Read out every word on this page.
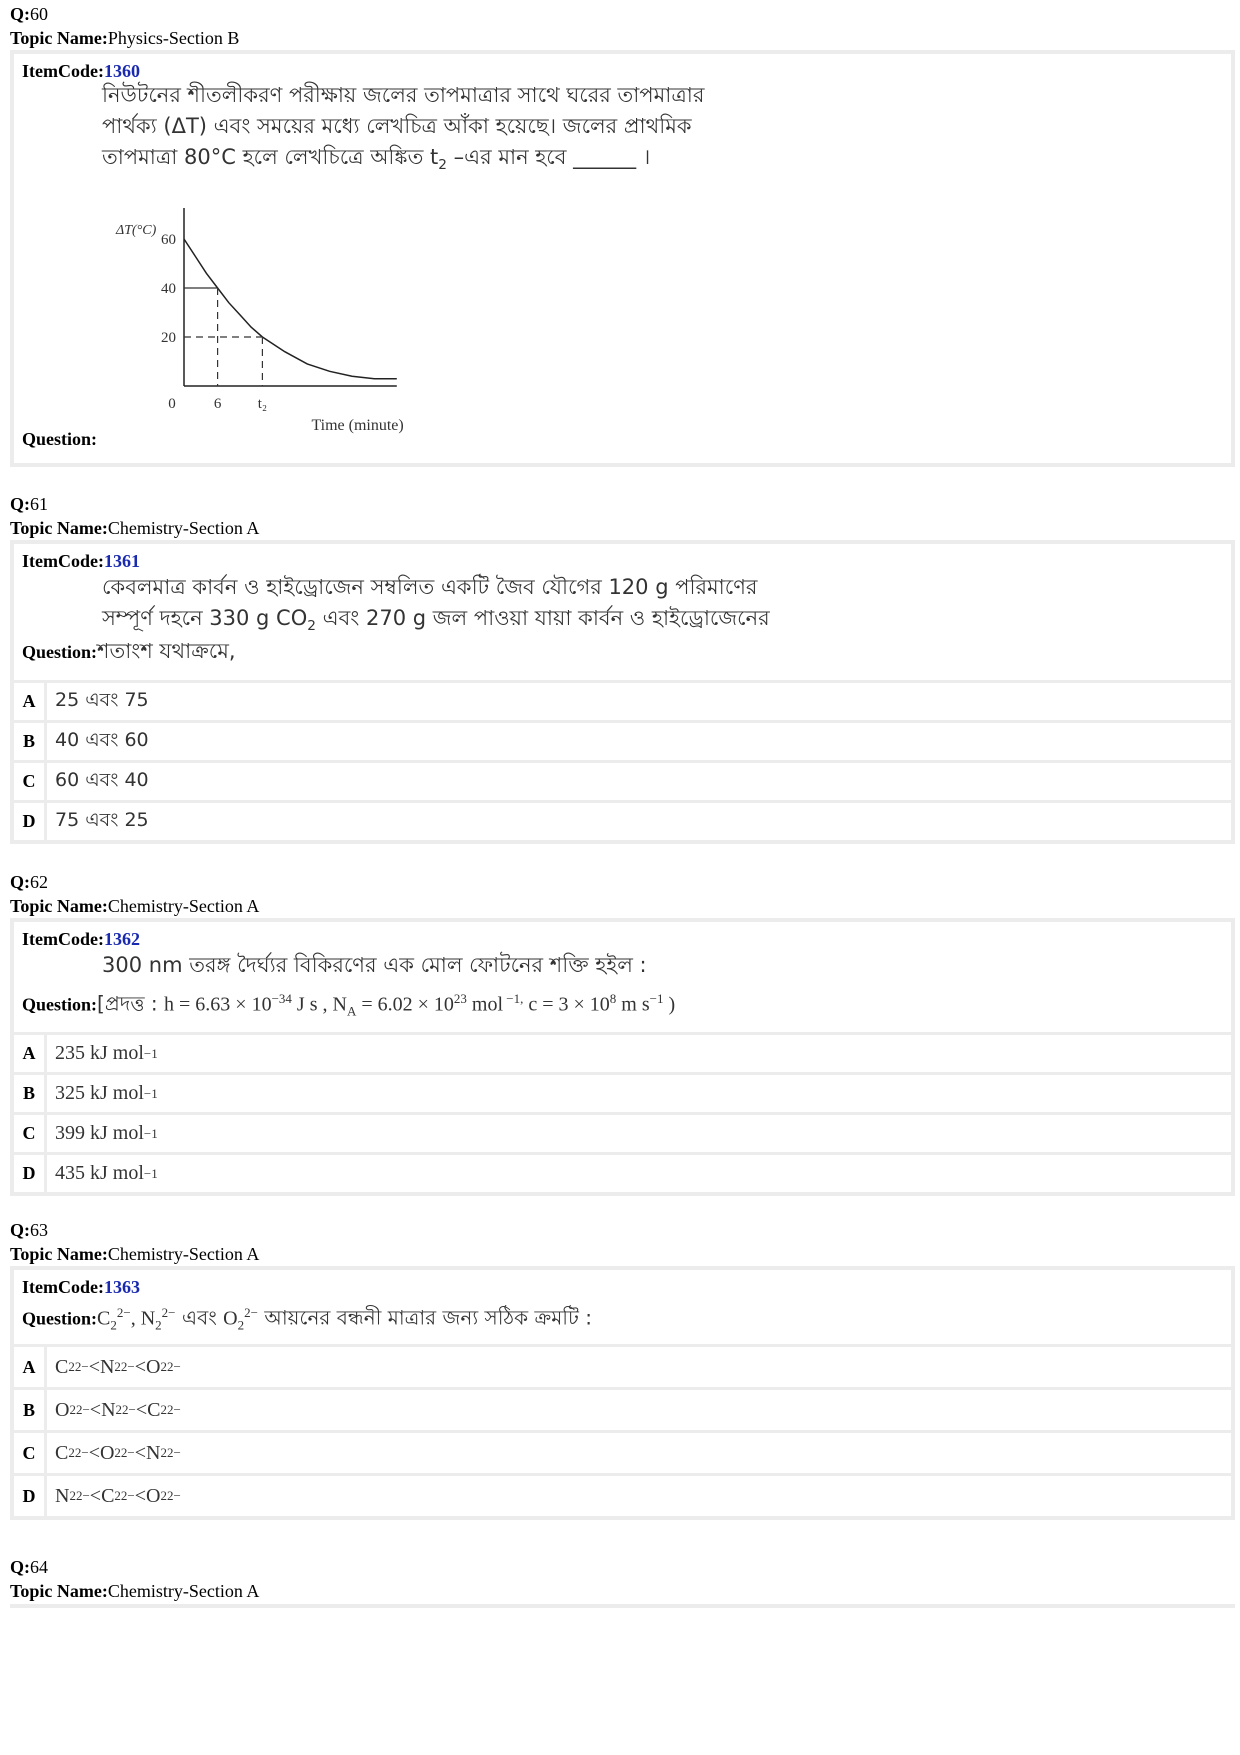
Q:60
Topic Name:Physics-Section B
ItemCode:1360
নিউটনের শীতলীকরণ পরীক্ষায় জলের তাপমাত্রার সাথে ঘরের তাপমাত্রার
পার্থক্য (ΔT) এবং সময়ের মধ্যে লেখচিত্র আঁকা হয়েছে। জলের প্রাথমিক
তাপমাত্রা 80°C হলে লেখচিত্রে অঙ্কিত $t_2$ –এর মান হবে ______ ।
60
40
20
0	6 t₂
ΔT(°C)
Time (minute)
Question:
Q:61
Topic Name:Chemistry-Section A
ItemCode:1361
কেবলমাত্র কার্বন ও হাইড্রোজেন সম্বলিত একটি জৈব যৌগের 120 g পরিমাণের
সম্পূর্ণ দহনে 330 g $CO_2$ এবং 270 g জল পাওয়া যায়া কার্বন ও হাইড্রোজেনের
Question:শতাংশ যথাক্রমে,
A	25 এবং 75
B	40 এবং 60
C	60 এবং 40
D	75 এবং 25
Q:62
Topic Name:Chemistry-Section A
ItemCode:1362
300 nm তরঙ্গ দৈর্ঘ্যর বিকিরণের এক মোল ফোটনের শক্তি হইল :
Question:[প্রদত্ত : $h = 6.63 \times 10^{-34}$ J s , $N_A = 6.02 \times 10^{23}$ mol $^{-1,}$ $c = 3 \times 10^8$ m $s^{-1}$ )
A 235 kJ mol −1
B	325 kJ mol −1
C 399 kJ mol −1
D 435 kJ mol −1
Q:63
Topic Name:Chemistry-Section A
ItemCode:1363
$Question:C_2^{2-}$, $N_2^{2-}$ এবং $O_2^{2-}$ আয়নের বন্ধনী মাত্রার জন্য সঠিক ক্রমটি :
A C 2 2− < N 2 2− < O 2 2−
B	O 2 2− < N 2 2− < C 2 2−
C C 2 2− < O 2 2− < N 2 2−
D N 2 2− < C 2 2− < O 2 2−
Q:64
Topic Name:Chemistry-Section A
